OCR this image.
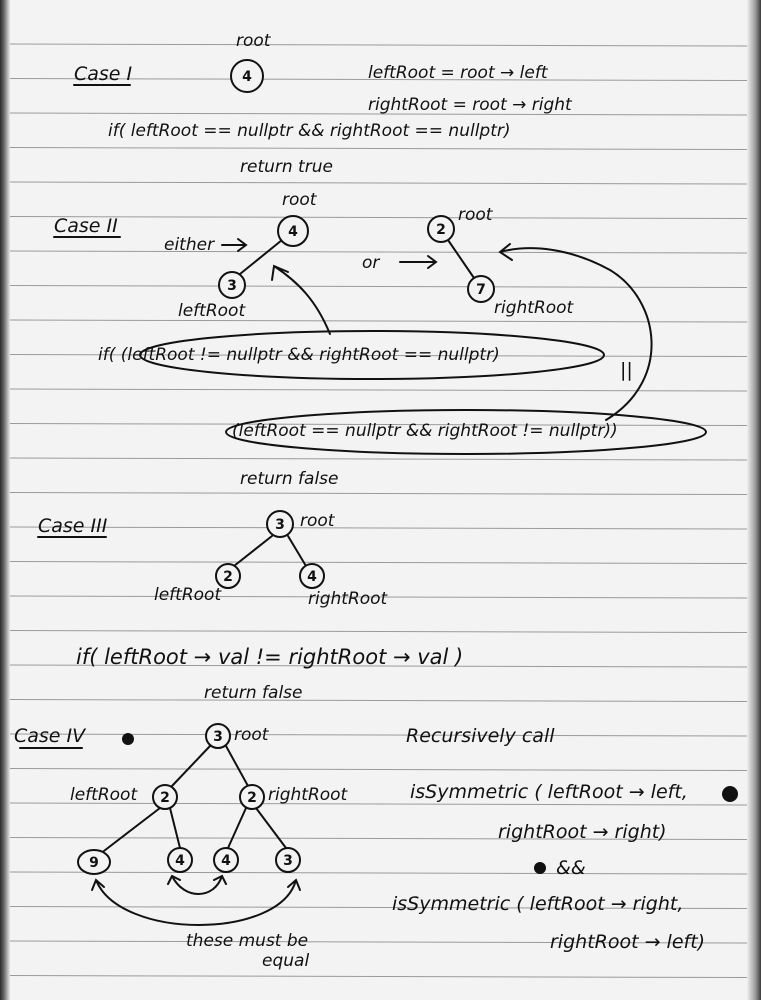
Case I
root
4	leftRoot = root → left
rightRoot = root → right
if( leftRoot == nullptr && rightRoot == nullptr)
return true
Case II
either
root
4
3
leftRoot
or
root
2
7
rightRoot
if( (leftRoot != nullptr && rightRoot == nullptr)
||
(leftRoot == nullptr && rightRoot != nullptr))
return false
Case III	3 root
2	4
leftRoot	rightRoot
if( leftRoot → val != rightRoot → val )
return false
Case IV	3 root
2
leftRoot	2 rightRoot
9	4	4	3
these must be
equal
Recursively call
isSymmetric ( leftRoot → left,
rightRoot → right)
&&
isSymmetric ( leftRoot → right,
rightRoot → left)
